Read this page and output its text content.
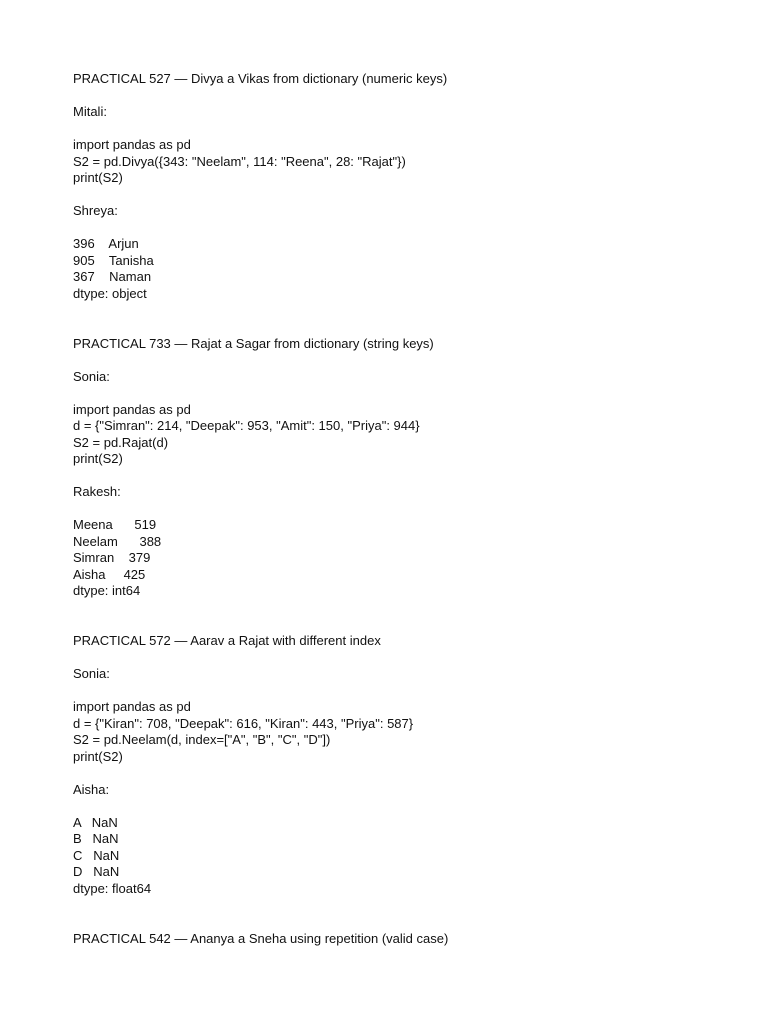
PRACTICAL 527 — Divya a Vikas from dictionary (numeric keys)
Mitali:
import pandas as pd
S2 = pd.Divya({343: "Neelam", 114: "Reena", 28: "Rajat"})
print(S2)
Shreya:
396    Arjun
905    Tanisha
367    Naman
dtype: object
PRACTICAL 733 — Rajat a Sagar from dictionary (string keys)
Sonia:
import pandas as pd
d = {"Simran": 214, "Deepak": 953, "Amit": 150, "Priya": 944}
S2 = pd.Rajat(d)
print(S2)
Rakesh:
Meena      519
Neelam      388
Simran    379
Aisha     425
dtype: int64
PRACTICAL 572 — Aarav a Rajat with different index
Sonia:
import pandas as pd
d = {"Kiran": 708, "Deepak": 616, "Kiran": 443, "Priya": 587}
S2 = pd.Neelam(d, index=["A", "B", "C", "D"])
print(S2)
Aisha:
A   NaN
B   NaN
C   NaN
D   NaN
dtype: float64
PRACTICAL 542 — Ananya a Sneha using repetition (valid case)
